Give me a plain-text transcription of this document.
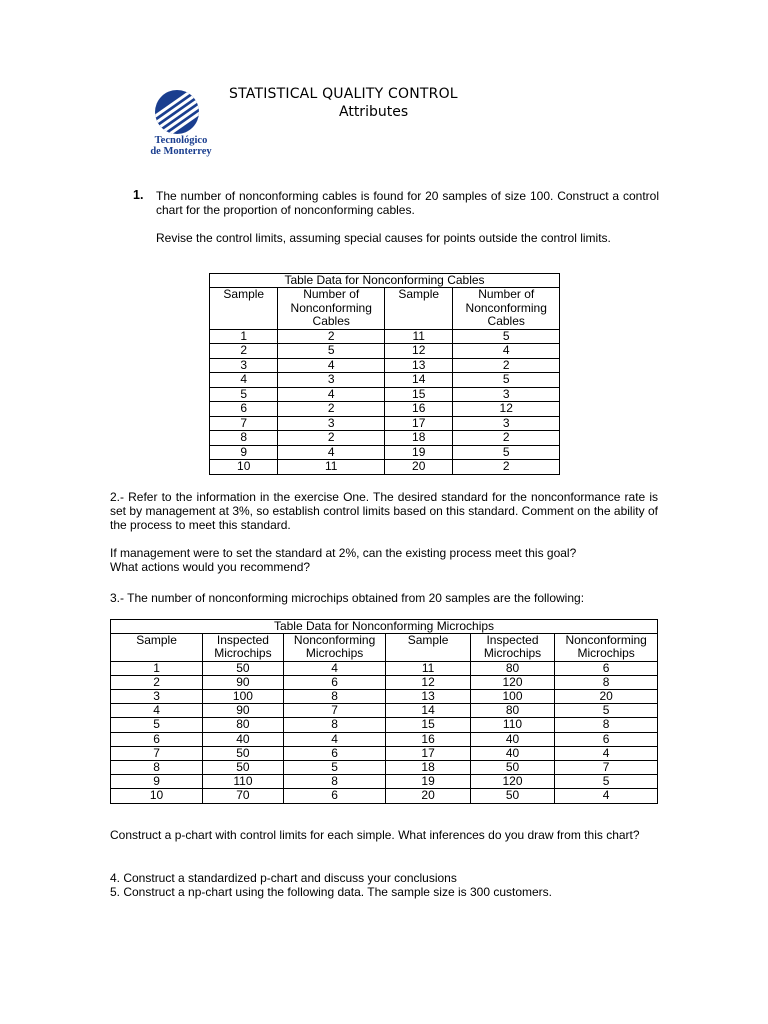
Tecnológico
de Monterrey
STATISTICAL QUALITY CONTROL
Attributes
1. The number of nonconforming cables is found for 20 samples of size 100. Construct a control chart for the proportion of nonconforming cables.
Revise the control limits, assuming special causes for points outside the control limits.
Table Data for Nonconforming Cables			
Sample	Number of Nonconforming Cables	Sample	Number of Nonconforming Cables
1	2	11	5
2	5	12	4
3	4	13	2
4	3	14	5
5	4	15	3
6	2	16	12
7	3	17	3
8	2	18	2
9	4	19	5
10	11	20	2
2.- Refer to the information in the exercise One. The desired standard for the nonconformance rate is set by management at 3%, so establish control limits based on this standard. Comment on the ability of the process to meet this standard.
If management were to set the standard at 2%, can the existing process meet this goal?
What actions would you recommend?
3.- The number of nonconforming microchips obtained from 20 samples are the following:
Table Data for Nonconforming Microchips					
Sample	Inspected Microchips	Nonconforming Microchips	Sample	Inspected Microchips	Nonconforming Microchips
1	50	4	11	80	6
2	90	6	12	120	8
3	100	8	13	100	20
4	90	7	14	80	5
5	80	8	15	110	8
6	40	4	16	40	6
7	50	6	17	40	4
8	50	5	18	50	7
9	110	8	19	120	5
10	70	6	20	50	4
Construct a p-chart with control limits for each simple. What inferences do you draw from this chart?
4. Construct a standardized p-chart and discuss your conclusions
5. Construct a np-chart using the following data. The sample size is 300 customers.
